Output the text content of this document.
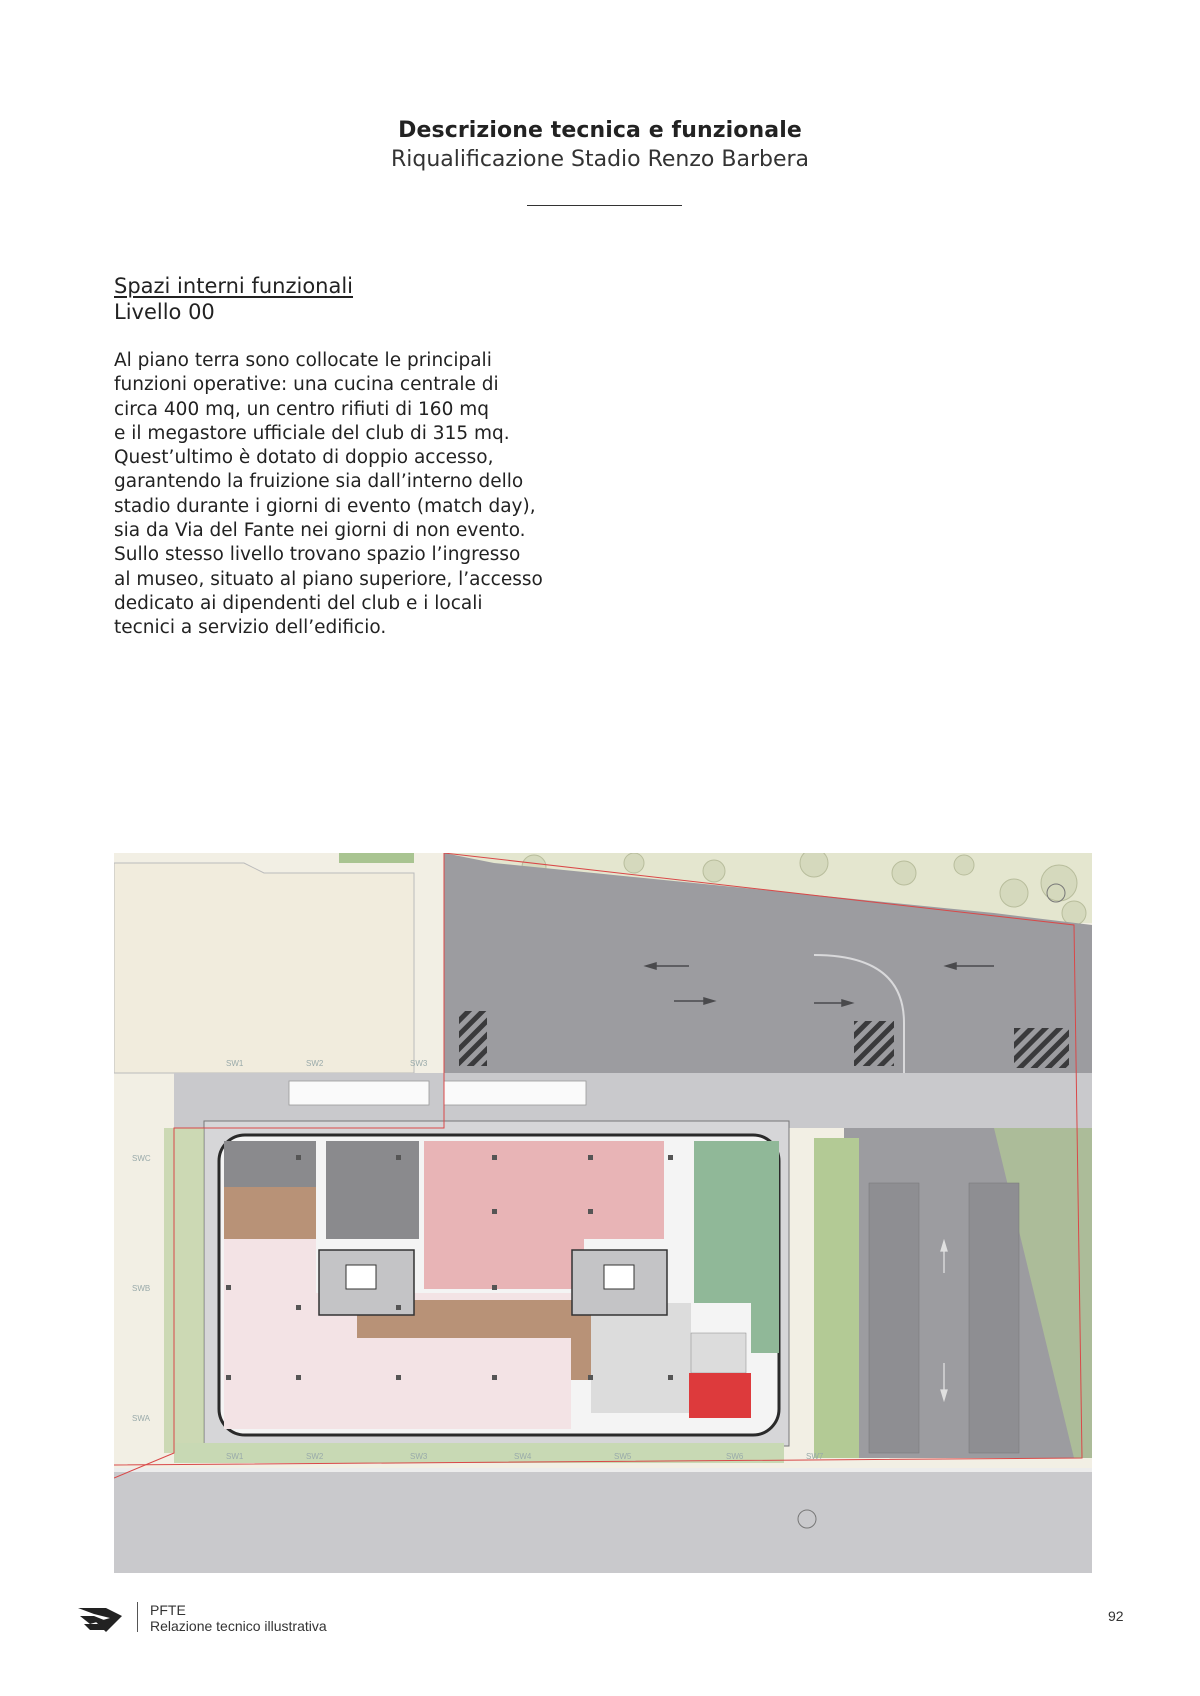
Descrizione tecnica e funzionale
Riqualificazione Stadio Renzo Barbera
Spazi interni funzionali
Livello 00
Al piano terra sono collocate le principali
funzioni operative: una cucina centrale di
circa 400 mq, un centro rifiuti di 160 mq
e il megastore ufficiale del club di 315 mq.
Quest’ultimo è dotato di doppio accesso,
garantendo la fruizione sia dall’interno dello
stadio durante i giorni di evento (match day),
sia da Via del Fante nei giorni di non evento.
Sullo stesso livello trovano spazio l’ingresso
al museo, situato al piano superiore, l’accesso
dedicato ai dipendenti del club e i locali
tecnici a servizio dell’edificio.
SW1	SW2	SW3
SWC
SWB
SWA
SW1	SW2	SW3	SW4	SW5	SW6	SW7
PFTE
Relazione tecnico illustrativa
92
